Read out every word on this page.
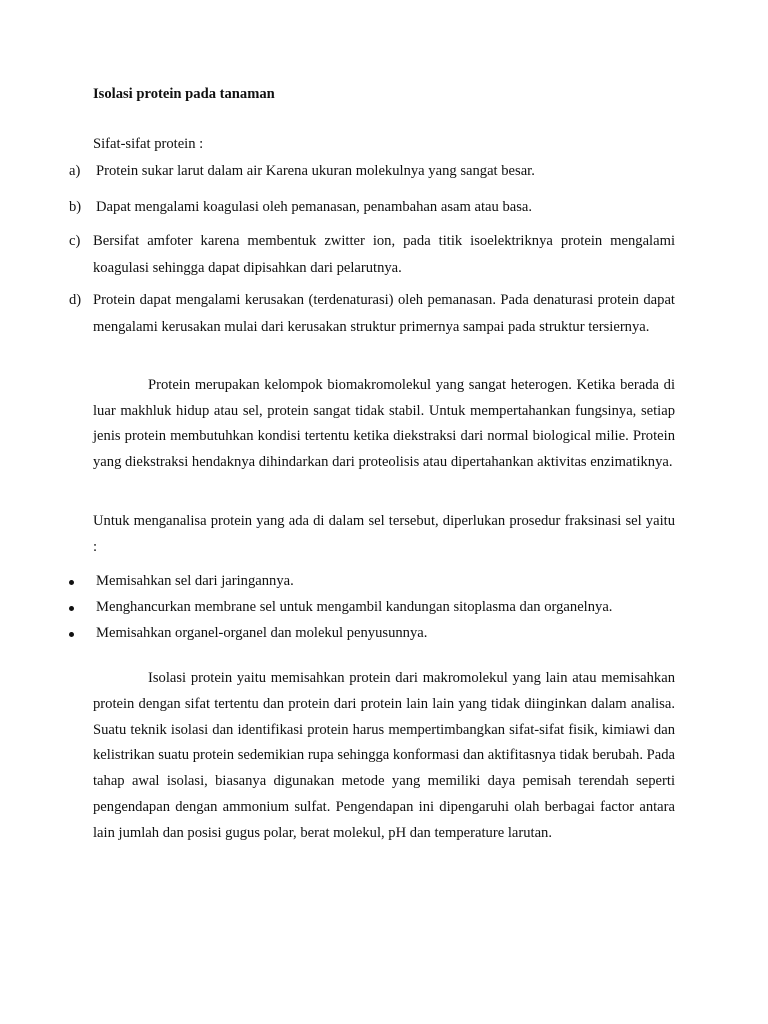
Isolasi protein pada tanaman
Sifat-sifat protein :
a) Protein sukar larut dalam air Karena ukuran molekulnya yang sangat besar.
b) Dapat mengalami koagulasi oleh pemanasan, penambahan asam atau basa.
c) Bersifat amfoter karena membentuk zwitter ion, pada titik isoelektriknya protein mengalami koagulasi sehingga dapat dipisahkan dari pelarutnya.
d) Protein dapat mengalami kerusakan (terdenaturasi) oleh pemanasan. Pada denaturasi protein dapat mengalami kerusakan mulai dari kerusakan struktur primernya sampai pada struktur tersiernya.
Protein merupakan kelompok biomakromolekul yang sangat heterogen. Ketika berada di luar makhluk hidup atau sel, protein sangat tidak stabil. Untuk mempertahankan fungsinya, setiap jenis protein membutuhkan kondisi tertentu ketika diekstraksi dari normal biological milie. Protein yang diekstraksi hendaknya dihindarkan dari proteolisis atau dipertahankan aktivitas enzimatiknya.
Untuk menganalisa protein yang ada di dalam sel tersebut, diperlukan prosedur fraksinasi sel yaitu :
Memisahkan sel dari jaringannya.
Menghancurkan membrane sel untuk mengambil kandungan sitoplasma dan organelnya.
Memisahkan organel-organel dan molekul penyusunnya.
Isolasi protein yaitu memisahkan protein dari makromolekul yang lain atau memisahkan protein dengan sifat tertentu dan protein dari protein lain lain yang tidak diinginkan dalam analisa. Suatu teknik isolasi dan identifikasi protein harus mempertimbangkan sifat-sifat fisik, kimiawi dan kelistrikan suatu protein sedemikian rupa sehingga konformasi dan aktifitasnya tidak berubah. Pada tahap awal isolasi, biasanya digunakan metode yang memiliki daya pemisah terendah seperti pengendapan dengan ammonium sulfat. Pengendapan ini dipengaruhi olah berbagai factor antara lain jumlah dan posisi gugus polar, berat molekul, pH dan temperature larutan.
